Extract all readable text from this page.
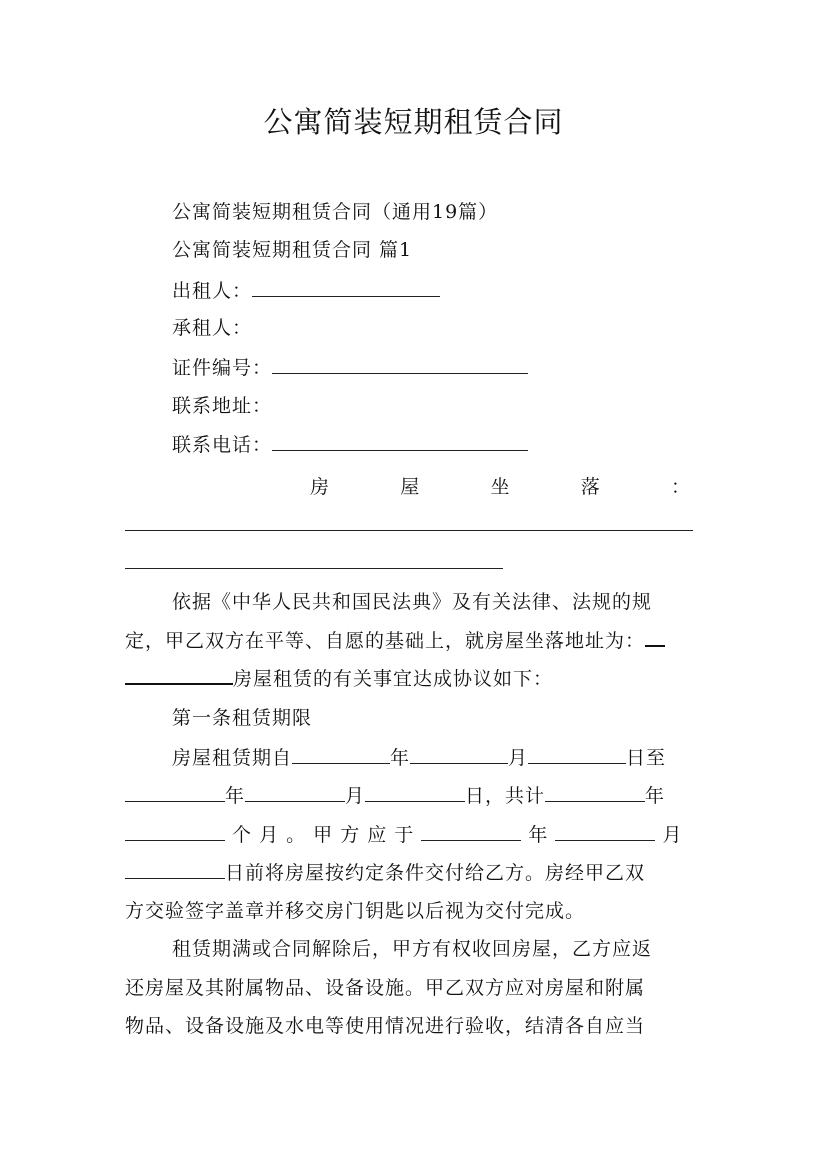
公寓简装短期租赁合同
公寓简装短期租赁合同（通用19篇）
公寓简装短期租赁合同 篇1
出租人：
承租人：
证件编号：
联系地址：
联系电话：
房	屋	坐	落	：
依据《中华人民共和国民法典》及有关法律、法规的规
定，甲乙双方在平等、自愿的基础上，就房屋坐落地址为：
房屋租赁的有关事宜达成协议如下：
第一条租赁期限
房屋租赁期自	年	月	日至
年	月	日，共计	年
个 月 。 甲 方 应 于	年	月
日前将房屋按约定条件交付给乙方。房经甲乙双
方交验签字盖章并移交房门钥匙以后视为交付完成。
租赁期满或合同解除后，甲方有权收回房屋，乙方应返
还房屋及其附属物品、设备设施。甲乙双方应对房屋和附属
物品、设备设施及水电等使用情况进行验收，结清各自应当
